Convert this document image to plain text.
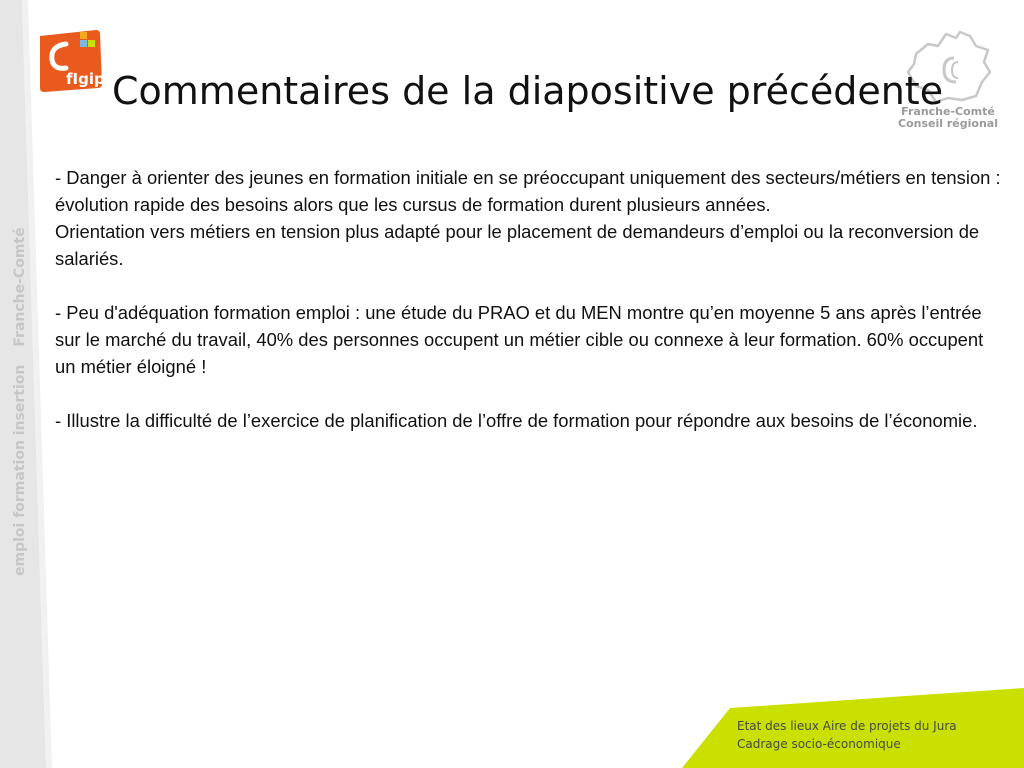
emploi formation insertionFranche-Comté
fIgip
Franche-Comté
Conseil régional
Commentaires de la diapositive précédente

- Danger à orienter des jeunes en formation initiale en se préoccupant uniquement des secteurs/métiers en tension : évolution rapide des besoins alors que les cursus de formation durent plusieurs années.

Orientation vers métiers en tension plus adapté pour le placement de demandeurs d’emploi ou la reconversion de salariés.

- Peu d'adéquation formation emploi : une étude du PRAO et du MEN montre qu’en moyenne 5 ans après l’entrée sur le marché du travail, 40% des personnes occupent un métier cible ou connexe à leur formation. 60% occupent un métier éloigné !

- Illustre la difficulté de l’exercice de planification de l’offre de formation pour répondre aux besoins de l’économie.

Etat des lieux Aire de projets du Jura
Cadrage socio-économique
